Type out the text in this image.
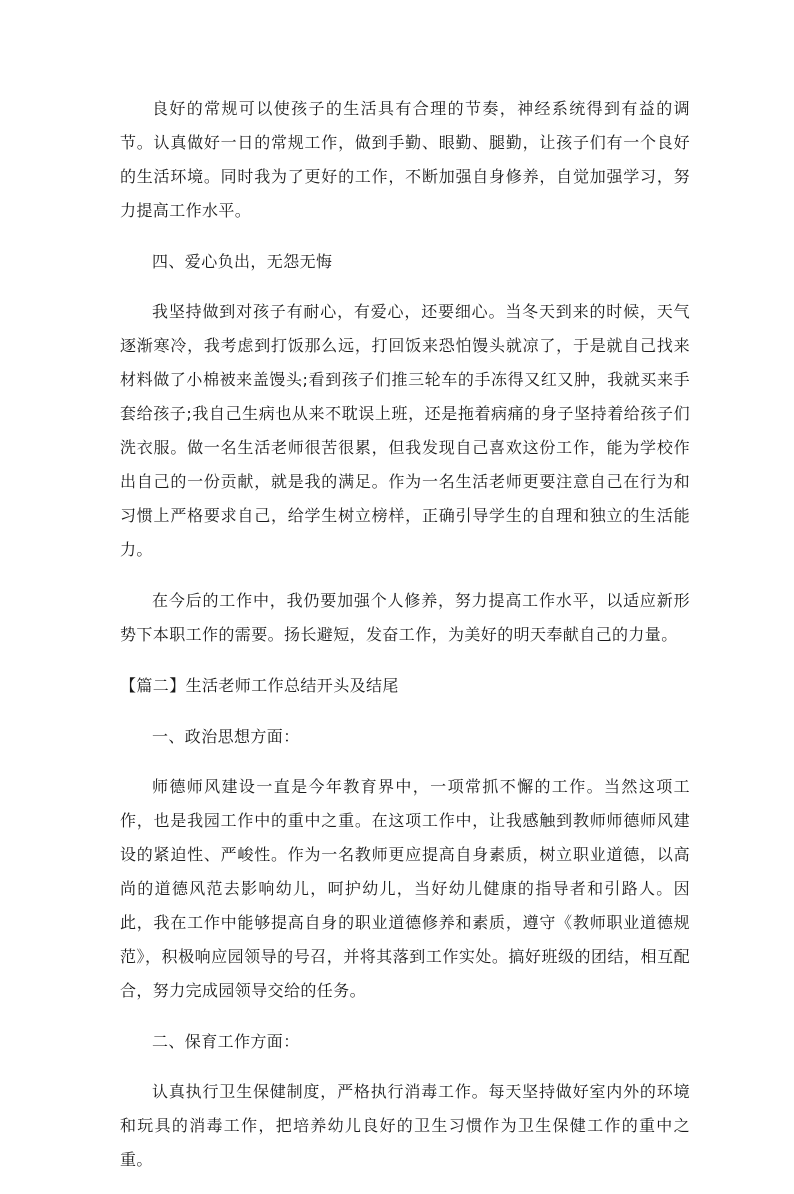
良好的常规可以使孩子的生活具有合理的节奏，神经系统得到有益的调节。认真做好一日的常规工作，做到手勤、眼勤、腿勤，让孩子们有一个良好的生活环境。同时我为了更好的工作，不断加强自身修养，自觉加强学习，努力提高工作水平。

四、爱心负出，无怨无悔

我坚持做到对孩子有耐心，有爱心，还要细心。当冬天到来的时候，天气逐渐寒冷，我考虑到打饭那么远，打回饭来恐怕馒头就凉了，于是就自己找来材料做了小棉被来盖馒头;看到孩子们推三轮车的手冻得又红又肿，我就买来手套给孩子;我自己生病也从来不耽误上班，还是拖着病痛的身子坚持着给孩子们洗衣服。做一名生活老师很苦很累，但我发现自己喜欢这份工作，能为学校作出自己的一份贡献，就是我的满足。作为一名生活老师更要注意自己在行为和习惯上严格要求自己，给学生树立榜样，正确引导学生的自理和独立的生活能力。

在今后的工作中，我仍要加强个人修养，努力提高工作水平，以适应新形势下本职工作的需要。扬长避短，发奋工作，为美好的明天奉献自己的力量。

【篇二】生活老师工作总结开头及结尾

一、政治思想方面：

师德师风建设一直是今年教育界中，一项常抓不懈的工作。当然这项工作，也是我园工作中的重中之重。在这项工作中，让我感触到教师师德师风建设的紧迫性、严峻性。作为一名教师更应提高自身素质，树立职业道德，以高尚的道德风范去影响幼儿，呵护幼儿，当好幼儿健康的指导者和引路人。因此，我在工作中能够提高自身的职业道德修养和素质，遵守《教师职业道德规范》，积极响应园领导的号召，并将其落到工作实处。搞好班级的团结，相互配合，努力完成园领导交给的任务。

二、保育工作方面：

认真执行卫生保健制度，严格执行消毒工作。每天坚持做好室内外的环境和玩具的消毒工作，把培养幼儿良好的卫生习惯作为卫生保健工作的重中之重。
